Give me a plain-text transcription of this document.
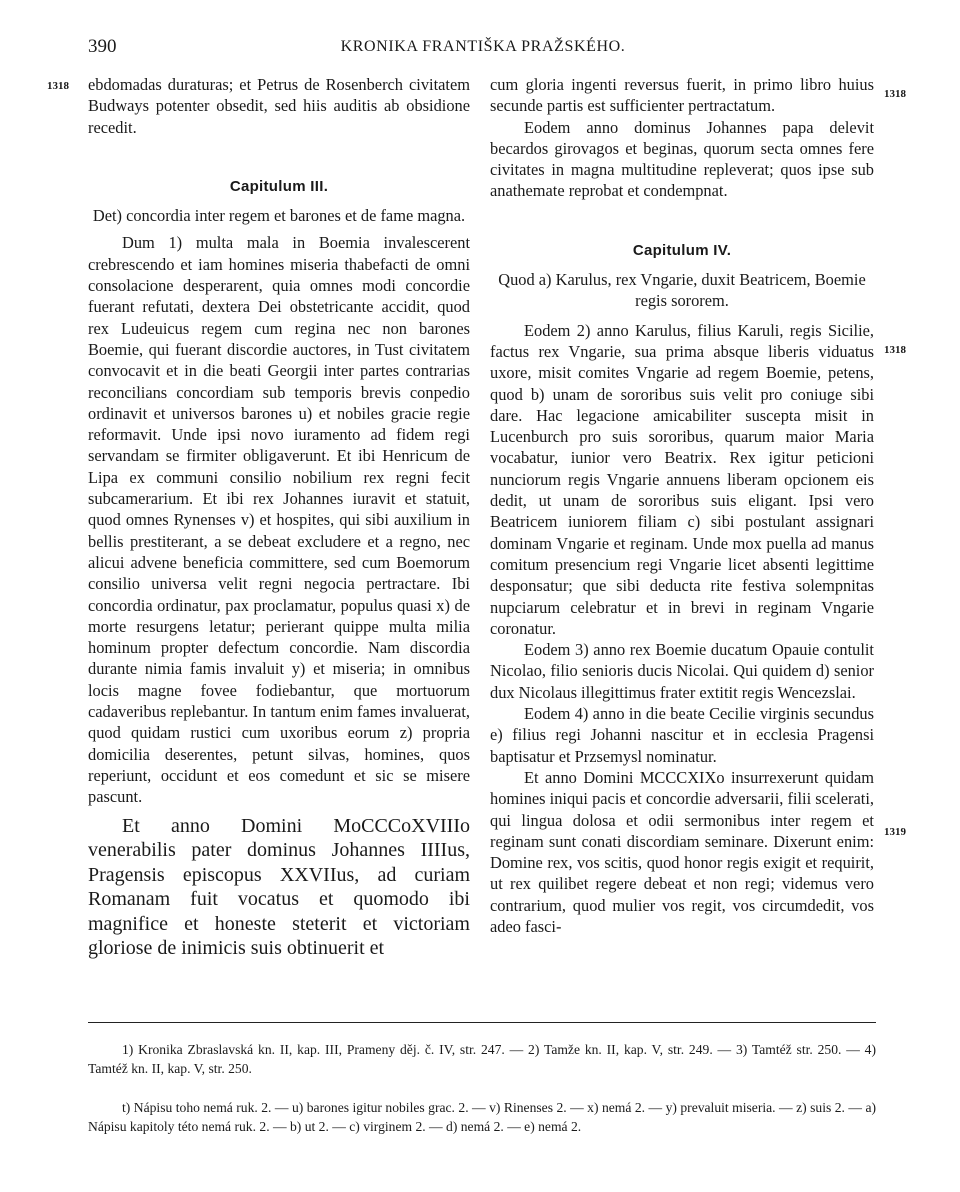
390	KRONIKA FRANTIŠKA PRAŽSKÉHO.
1318
1318
1318
1319

ebdomadas duraturas; et Petrus de Rosenberch civitatem Budways potenter obsedit, sed hiis auditis ab obsidione recedit.

Capitulum III.

Det) concordia inter regem et barones et de fame magna.

Dum 1) multa mala in Boemia invalescerent crebrescendo et iam homines miseria thabefacti de omni consolacione desperarent, quia omnes modi concordie fuerant refutati, dextera Dei obstetricante accidit, quod rex Ludeuicus regem cum regina nec non barones Boemie, qui fuerant discordie auctores, in Tust civitatem convocavit et in die beati Georgii inter partes contrarias reconcilians concordiam sub temporis brevis conpedio ordinavit et universos barones u) et nobiles gracie regie reformavit. Unde ipsi novo iuramento ad fidem regi servandam se firmiter obligaverunt. Et ibi Henricum de Lipa ex communi consilio nobilium rex regni fecit subcamerarium. Et ibi rex Johannes iuravit et statuit, quod omnes Rynenses v) et hospites, qui sibi auxilium in bellis prestiterant, a se debeat excludere et a regno, nec alicui advene beneficia committere, sed cum Boemorum consilio universa velit regni negocia pertractare. Ibi concordia ordinatur, pax proclamatur, populus quasi x) de morte resurgens letatur; perierant quippe multa milia hominum propter defectum concordie. Nam discordia durante nimia famis invaluit y) et miseria; in omnibus locis magne fovee fodiebantur, que mortuorum cadaveribus replebantur. In tantum enim fames invaluerat, quod quidam rustici cum uxoribus eorum z) propria domicilia deserentes, petunt silvas, homines, quos reperiunt, occidunt et eos comedunt et sic se misere pascunt.

Et anno Domini MoCCCoXVIIIo venerabilis pater dominus Johannes IIIIus, Pragensis episcopus XXVIIus, ad curiam Romanam fuit vocatus et quomodo ibi magnifice et honeste steterit et victoriam gloriose de inimicis suis obtinuerit et

cum gloria ingenti reversus fuerit, in primo libro huius secunde partis est sufficienter pertractatum.

Eodem anno dominus Johannes papa delevit becardos girovagos et beginas, quorum secta omnes fere civitates in magna multitudine repleverat; quos ipse sub anathemate reprobat et condempnat.

Capitulum IV.

Quod a) Karulus, rex Vngarie, duxit Beatricem, Boemie regis sororem.

Eodem 2) anno Karulus, filius Karuli, regis Sicilie, factus rex Vngarie, sua prima absque liberis viduatus uxore, misit comites Vngarie ad regem Boemie, petens, quod b) unam de sororibus suis velit pro coniuge sibi dare. Hac legacione amicabiliter suscepta misit in Lucenburch pro suis sororibus, quarum maior Maria vocabatur, iunior vero Beatrix. Rex igitur peticioni nunciorum regis Vngarie annuens liberam opcionem eis dedit, ut unam de sororibus suis eligant. Ipsi vero Beatricem iuniorem filiam c) sibi postulant assignari dominam Vngarie et reginam. Unde mox puella ad manus comitum presencium regi Vngarie licet absenti legittime desponsatur; que sibi deducta rite festiva solempnitas nupciarum celebratur et in brevi in reginam Vngarie coronatur.

Eodem 3) anno rex Boemie ducatum Opauie contulit Nicolao, filio senioris ducis Nicolai. Qui quidem d) senior dux Nicolaus illegittimus frater extitit regis Wencezslai.

Eodem 4) anno in die beate Cecilie virginis secundus e) filius regi Johanni nascitur et in ecclesia Pragensi baptisatur et Przsemysl nominatur.

Et anno Domini MCCCXIXo insurrexerunt quidam homines iniqui pacis et concordie adversarii, filii scelerati, qui lingua dolosa et odii sermonibus inter regem et reginam sunt conati discordiam seminare. Dixerunt enim: Domine rex, vos scitis, quod honor regis exigit et requirit, ut rex quilibet regere debeat et non regi; videmus vero contrarium, quod mulier vos regit, vos circumdedit, vos adeo fasci-

1) Kronika Zbraslavská kn. II, kap. III, Prameny děj. č. IV, str. 247. — 2) Tamže kn. II, kap. V, str. 249. — 3) Tamtéž str. 250. — 4) Tamtéž kn. II, kap. V, str. 250.

t) Nápisu toho nemá ruk. 2. — u) barones igitur nobiles grac. 2. — v) Rinenses 2. — x) nemá 2. — y) prevaluit miseria. — z) suis 2. — a) Nápisu kapitoly této nemá ruk. 2. — b) ut 2. — c) virginem 2. — d) nemá 2. — e) nemá 2.
